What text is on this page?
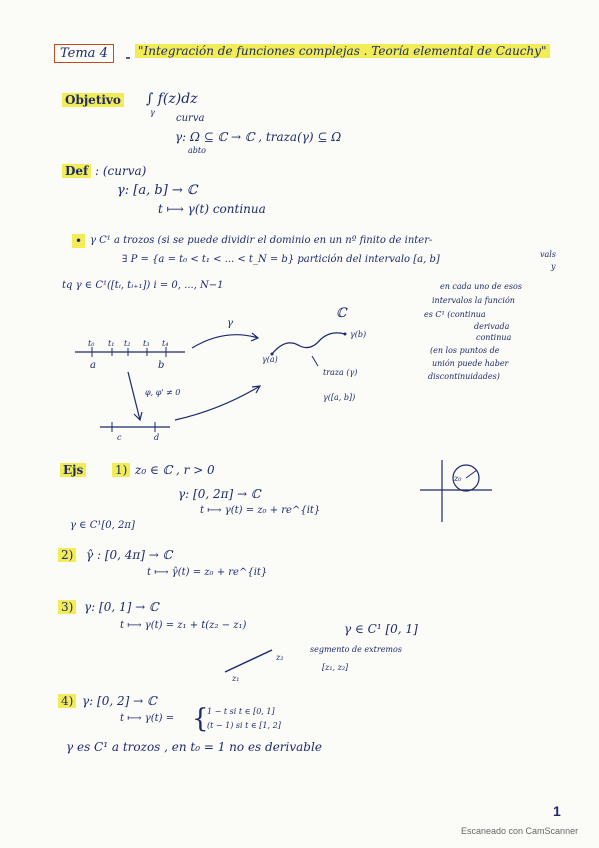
Tema 4	"Integración de funciones complejas . Teoría elemental de Cauchy"
Objetivo ∫ f(z)dz
γ
curva
γ: Ω ⊆ ℂ → ℂ , traza(γ) ⊆ Ω
abto
Def : (curva)
γ: [a, b] → ℂ
t ⟼ γ(t) continua
• γ C¹ a trozos (si se puede dividir el dominio en un nº finito de inter-
∃ P = {a = t₀ < t₁ < ... < t_N = b} partición del intervalo [a, b]	vals
y
tq γ ∈ C¹([tᵢ, tᵢ₊₁]) i = 0, ..., N−1	en cada uno de esos
intervalos la función
es C¹ (continua
derivada
continua
(en los puntos de
unión puede haber
discontinuidades)
t₀ t₁ t₂ t₃ t₄
a	b
γ
ℂ
γ(b)
γ(a)
traza (γ)
γ([a, b])
φ, φ' ≠ 0
c	d
Ejs	1) z₀ ∈ ℂ , r > 0
γ: [0, 2π] → ℂ
t ⟼ γ(t) = z₀ + re^{it}
γ ∈ C¹[0, 2π]
z₀
2) γ̂ : [0, 4π] → ℂ
t ⟼ γ̂(t) = z₀ + re^{it}
3) γ: [0, 1] → ℂ
t ⟼ γ(t) = z₁ + t(z₂ − z₁)	γ ∈ C¹ [0, 1]
z₂
z₁
segmento de extremos
[z₁, z₂]
4) γ: [0, 2] → ℂ
t ⟼ γ(t) = {
1 − t si t ∈ [0, 1]
(t − 1) si t ∈ [1, 2]
γ es C¹ a trozos , en t₀ = 1 no es derivable
1
Escaneado con CamScanner
